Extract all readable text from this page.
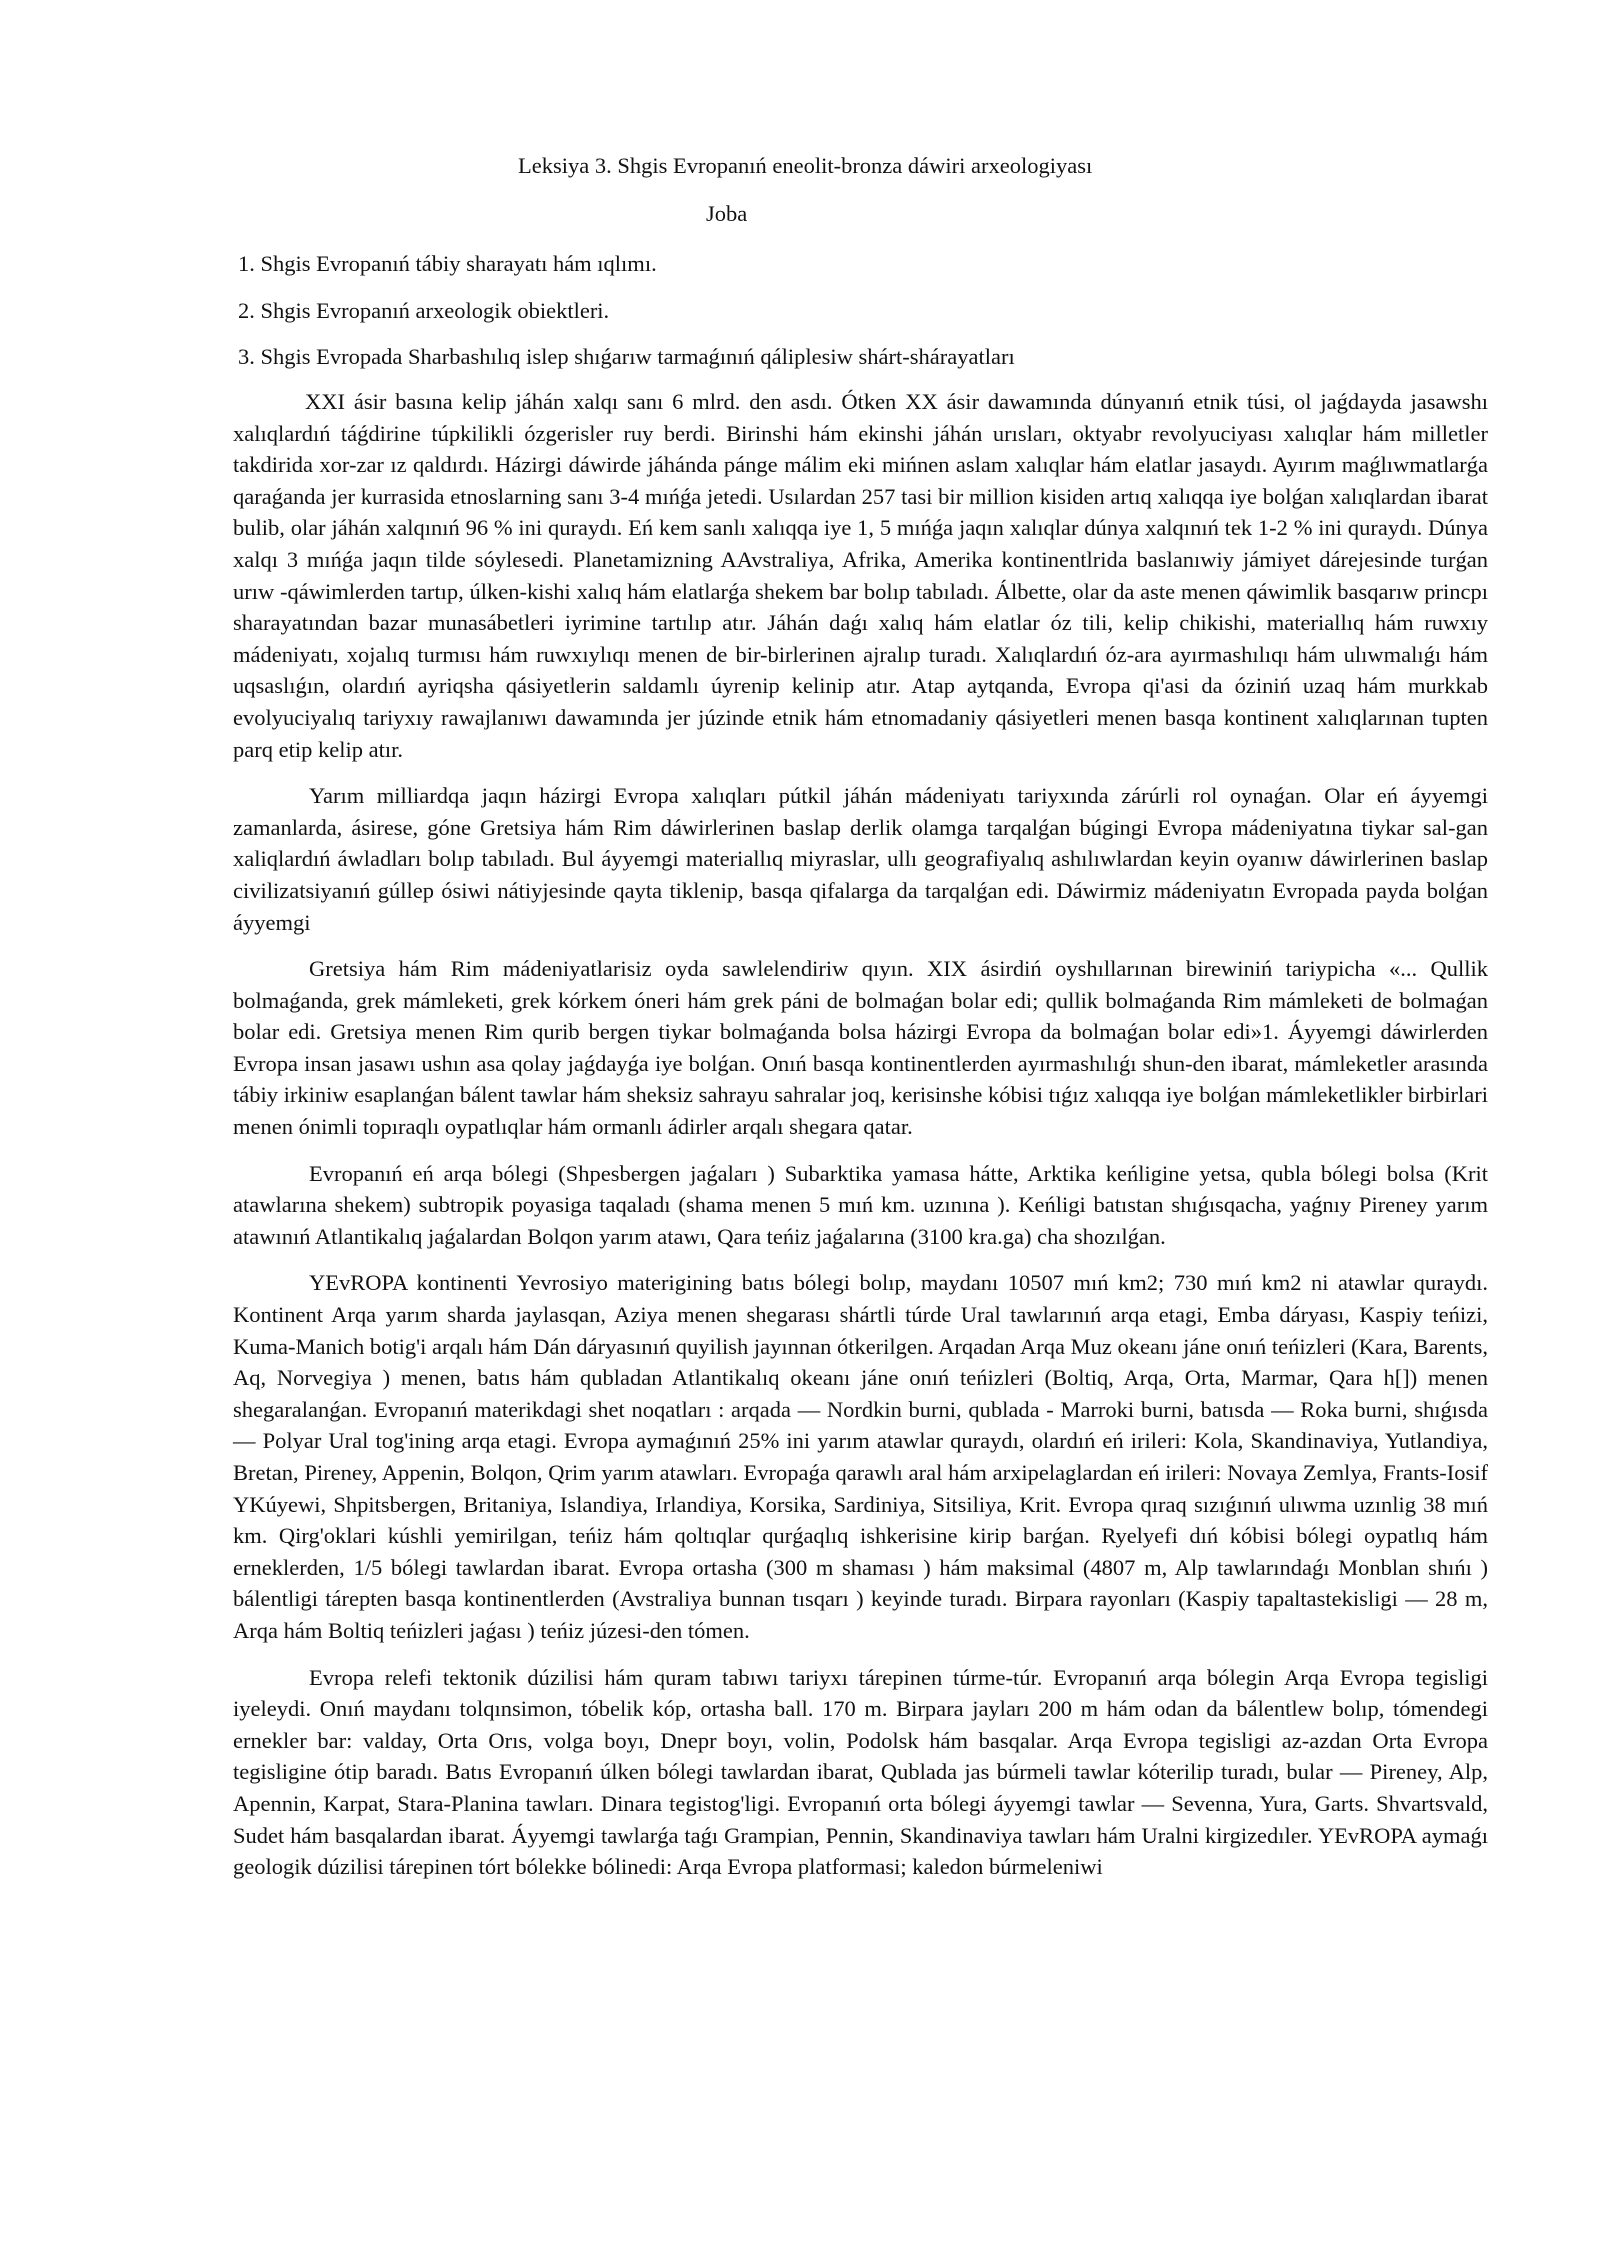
Leksiya 3. Shgis Evropanıń eneolit-bronza dáwiri arxeologiyası
Joba
1. Shgis Evropanıń tábiy sharayatı hám ıqlımı.
2. Shgis Evropanıń arxeologik obiektleri.
3. Shgis Evropada Sharbashılıq islep shıǵarıw tarmaǵınıń qáliplesiw shárt-shárayatları

XXI ásir basına kelip jáhán xalqı sanı 6 mlrd. den asdı. Ótken XX ásir dawamında dúnyanıń etnik túsi, ol jaǵdayda jasawshı xalıqlardıń táǵdirine túpkilikli ózgerisler ruy berdi. Birinshi hám ekinshi jáhán urısları, oktyabr revolyuciyası xalıqlar hám milletler takdirida xor-zar ız qaldırdı. Házirgi dáwirde jáhánda pánge málim eki mińnen aslam xalıqlar hám elatlar jasaydı. Ayırım maǵlıwmatlarǵa qaraǵanda jer kurrasida etnoslarning sanı 3-4 mıńǵa jetedi. Usılardan 257 tasi bir million kisiden artıq xalıqqa iye bolǵan xalıqlardan ibarat bulib, olar jáhán xalqınıń 96 % ini quraydı. Eń kem sanlı xalıqqa iye 1, 5 mıńǵa jaqın xalıqlar dúnya xalqınıń tek 1-2 % ini quraydı. Dúnya xalqı 3 mıńǵa jaqın tilde sóylesedi. Planetamizning AAvstraliya, Afrika, Amerika kontinentlrida baslanıwiy jámiyet dárejesinde turǵan urıw -qáwimlerden tartıp, úlken-kishi xalıq hám elatlarǵa shekem bar bolıp tabıladı. Álbette, olar da aste menen qáwimlik basqarıw princpı sharayatından bazar munasábetleri iyrimine tartılıp atır. Jáhán daǵı xalıq hám elatlar óz tili, kelip chikishi, materiallıq hám ruwxıy mádeniyatı, xojalıq turmısı hám ruwxıylıqı menen de bir-birlerinen ajralıp turadı. Xalıqlardıń óz-ara ayırmashılıqı hám ulıwmalıǵı hám uqsaslıǵın, olardıń ayriqsha qásiyetlerin saldamlı úyrenip kelinip atır. Atap aytqanda, Evropa qi'asi da óziniń uzaq hám murkkab evolyuciyalıq tariyxıy rawajlanıwı dawamında jer júzinde etnik hám etnomadaniy qásiyetleri menen basqa kontinent xalıqlarınan tupten parq etip kelip atır.

Yarım milliardqa jaqın házirgi Evropa xalıqları pútkil jáhán mádeniyatı tariyxında zárúrli rol oynaǵan. Olar eń áyyemgi zamanlarda, ásirese, góne Gretsiya hám Rim dáwirlerinen baslap derlik olamga tarqalǵan búgingi Evropa mádeniyatına tiykar sal-gan xaliqlardıń áwladları bolıp tabıladı. Bul áyyemgi materiallıq miyraslar, ullı geografiyalıq ashılıwlardan keyin oyanıw dáwirlerinen baslap civilizatsiyanıń gúllep ósiwi nátiyjesinde qayta tiklenip, basqa qifalarga da tarqalǵan edi. Dáwirmiz mádeniyatın Evropada payda bolǵan áyyemgi

Gretsiya hám Rim mádeniyatlarisiz oyda sawlelendiriw qıyın. XIX ásirdiń oyshıllarınan birewiniń tariypicha «... Qullik bolmaǵanda, grek mámleketi, grek kórkem óneri hám grek páni de bolmaǵan bolar edi; qullik bolmaǵanda Rim mámleketi de bolmaǵan bolar edi. Gretsiya menen Rim qurib bergen tiykar bolmaǵanda bolsa házirgi Evropa da bolmaǵan bolar edi»1. Áyyemgi dáwirlerden Evropa insan jasawı ushın asa qolay jaǵdayǵa iye bolǵan. Onıń basqa kontinentlerden ayırmashılıǵı shun-den ibarat, mámleketler arasında tábiy irkiniw esaplanǵan bálent tawlar hám sheksiz sahrayu sahralar joq, kerisinshe kóbisi tıǵız xalıqqa iye bolǵan mámleketlikler birbirlari menen ónimli topıraqlı oypatlıqlar hám ormanlı ádirler arqalı shegara qatar.

Evropanıń eń arqa bólegi (Shpesbergen jaǵaları ) Subarktika yamasa hátte, Arktika keńligine yetsa, qubla bólegi bolsa (Krit atawlarına shekem) subtropik poyasiga taqaladı (shama menen 5 mıń km. uzınına ). Keńligi batıstan shıǵısqacha, yaǵnıy Pireney yarım atawınıń Atlantikalıq jaǵalardan Bolqon yarım atawı, Qara teńiz jaǵalarına (3100 kra.ga) cha shozılǵan.

YEvROPA kontinenti Yevrosiyo materigining batıs bólegi bolıp, maydanı 10507 mıń km2; 730 mıń km2 ni atawlar quraydı. Kontinent Arqa yarım sharda jaylasqan, Aziya menen shegarası shártli túrde Ural tawlarınıń arqa etagi, Emba dáryası, Kaspiy teńizi, Kuma-Manich botig'i arqalı hám Dán dáryasınıń quyilish jayınnan ótkerilgen. Arqadan Arqa Muz okeanı jáne onıń teńizleri (Kara, Barents, Aq, Norvegiya ) menen, batıs hám qubladan Atlantikalıq okeanı jáne onıń teńizleri (Boltiq, Arqa, Orta, Marmar, Qara h[]) menen shegaralanǵan. Evropanıń materikdagi shet noqatları : arqada — Nordkin burni, qublada - Marroki burni, batısda — Roka burni, shıǵısda — Polyar Ural tog'ining arqa etagi. Evropa aymaǵınıń 25% ini yarım atawlar quraydı, olardıń eń irileri: Kola, Skandinaviya, Yutlandiya, Bretan, Pireney, Appenin, Bolqon, Qrim yarım atawları. Evropaǵa qarawlı aral hám arxipelaglardan eń irileri: Novaya Zemlya, Frants-Iosif YKúyewi, Shpitsbergen, Britaniya, Islandiya, Irlandiya, Korsika, Sardiniya, Sitsiliya, Krit. Evropa qıraq sızıǵınıń ulıwma uzınlig 38 mıń km. Qirg'oklari kúshli yemirilgan, teńiz hám qoltıqlar qurǵaqlıq ishkerisine kirip barǵan. Ryelyefi dıń kóbisi bólegi oypatlıq hám erneklerden, 1/5 bólegi tawlardan ibarat. Evropa ortasha (300 m shaması ) hám maksimal (4807 m, Alp tawlarındaǵı Monblan shıńı ) bálentligi tárepten basqa kontinentlerden (Avstraliya bunnan tısqarı ) keyinde turadı. Birpara rayonları (Kaspiy tapaltastekisligi — 28 m, Arqa hám Boltiq teńizleri jaǵası ) teńiz júzesi-den tómen.

Evropa relefi tektonik dúzilisi hám quram tabıwı tariyxı tárepinen túrme-túr. Evropanıń arqa bólegin Arqa Evropa tegisligi iyeleydi. Onıń maydanı tolqınsimon, tóbelik kóp, ortasha ball. 170 m. Birpara jayları 200 m hám odan da bálentlew bolıp, tómendegi ernekler bar: valday, Orta Orıs, volga boyı, Dnepr boyı, volin, Podolsk hám basqalar. Arqa Evropa tegisligi az-azdan Orta Evropa tegisligine ótip baradı. Batıs Evropanıń úlken bólegi tawlardan ibarat, Qublada jas búrmeli tawlar kóterilip turadı, bular — Pireney, Alp, Apennin, Karpat, Stara-Planina tawları. Dinara tegistog'ligi. Evropanıń orta bólegi áyyemgi tawlar — Sevenna, Yura, Garts. Shvartsvald, Sudet hám basqalardan ibarat. Áyyemgi tawlarǵa taǵı Grampian, Pennin, Skandinaviya tawları hám Uralni kirgizedıler. YEvROPA aymaǵı geologik dúzilisi tárepinen tórt bólekke bólinedi: Arqa Evropa platformasi; kaledon búrmeleniwi
